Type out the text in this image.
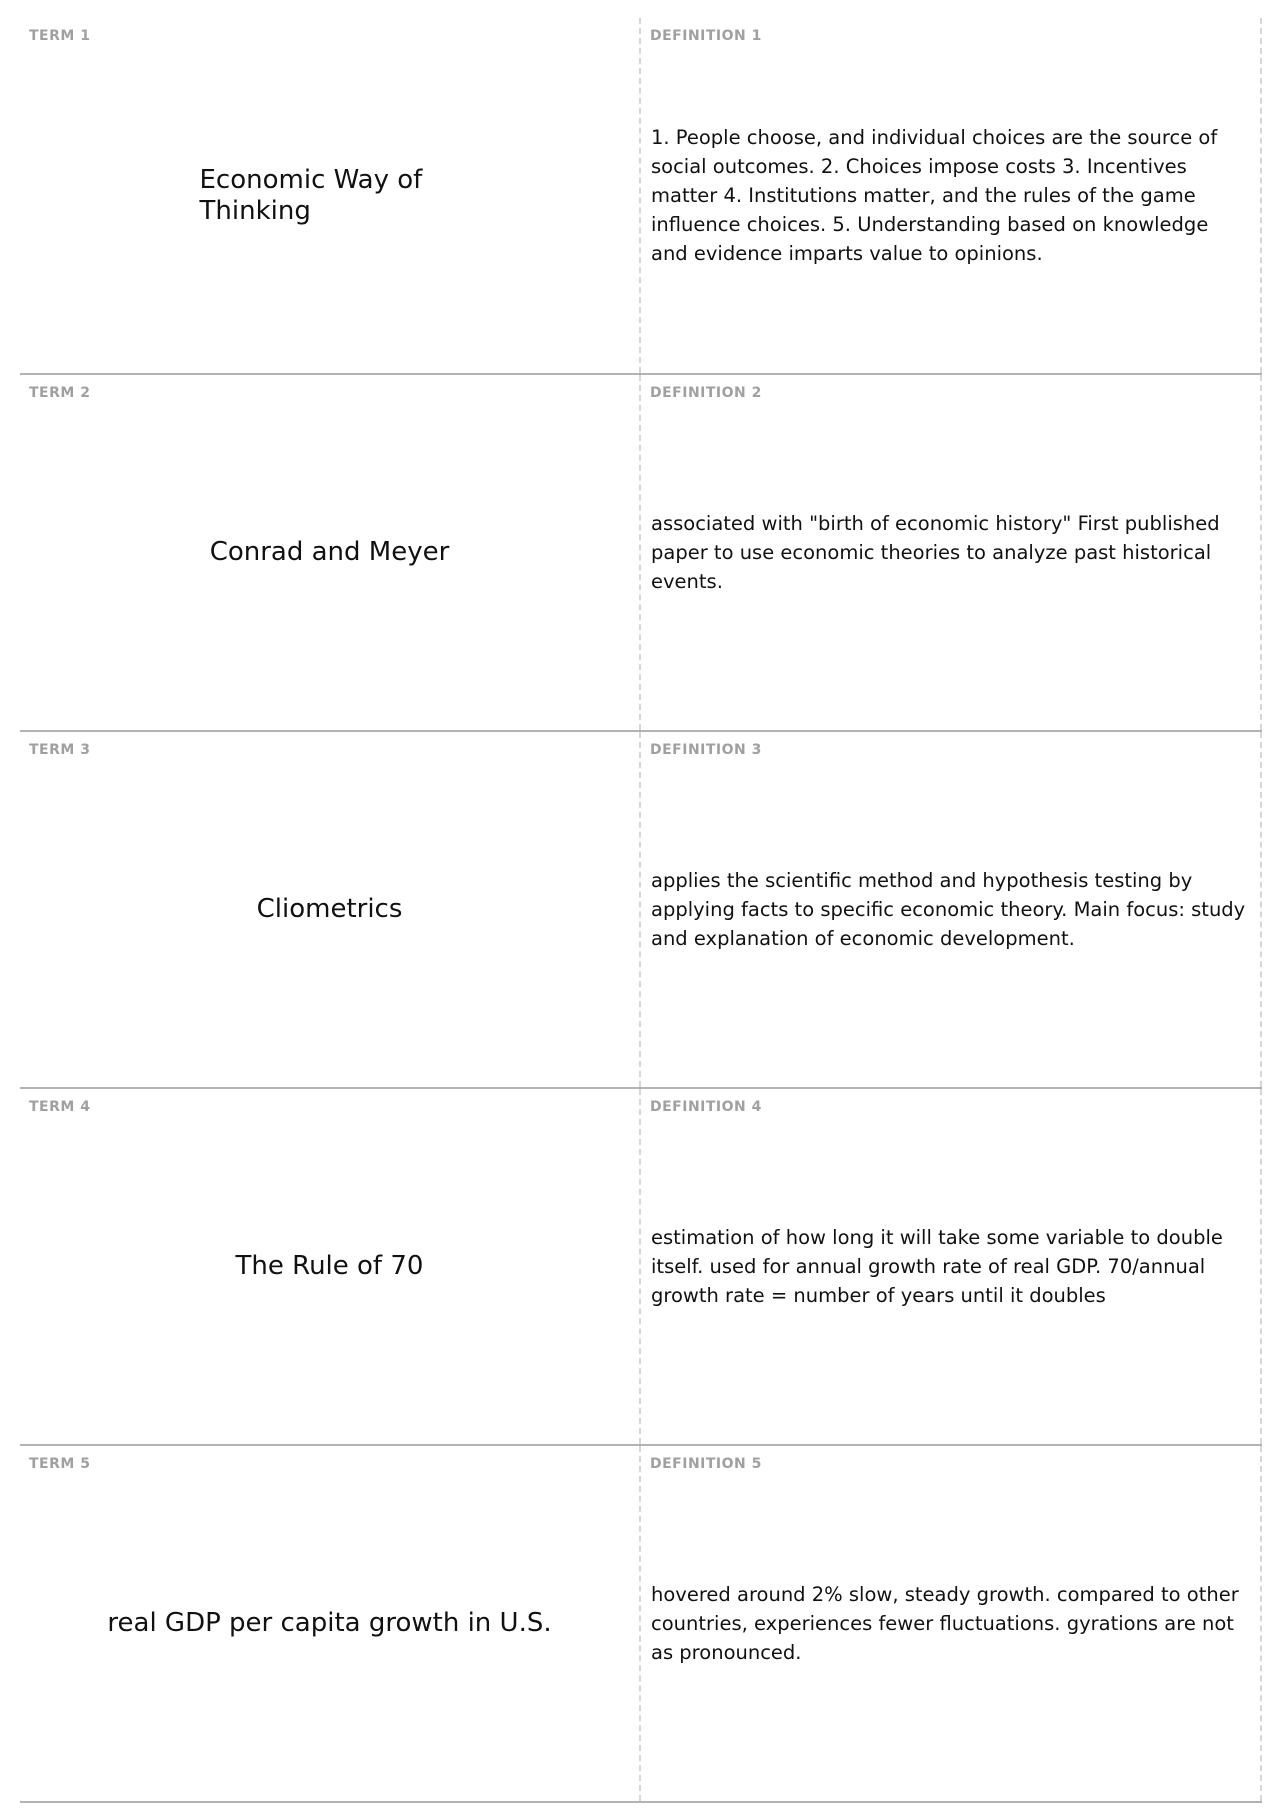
TERM 1
Economic Way of Thinking
DEFINITION 1
1. People choose, and individual choices are the source of social outcomes. 2. Choices impose costs 3. Incentives matter 4. Institutions matter, and the rules of the game influence choices. 5. Understanding based on knowledge and evidence imparts value to opinions.
TERM 2
Conrad and Meyer
DEFINITION 2
associated with "birth of economic history" First published paper to use economic theories to analyze past historical events.
TERM 3
Cliometrics
DEFINITION 3
applies the scientific method and hypothesis testing by applying facts to specific economic theory. Main focus: study and explanation of economic development.
TERM 4
The Rule of 70
DEFINITION 4
estimation of how long it will take some variable to double itself. used for annual growth rate of real GDP. 70/annual growth rate = number of years until it doubles
TERM 5
real GDP per capita growth in U.S.
DEFINITION 5
hovered around 2% slow, steady growth. compared to other countries, experiences fewer fluctuations. gyrations are not as pronounced.
